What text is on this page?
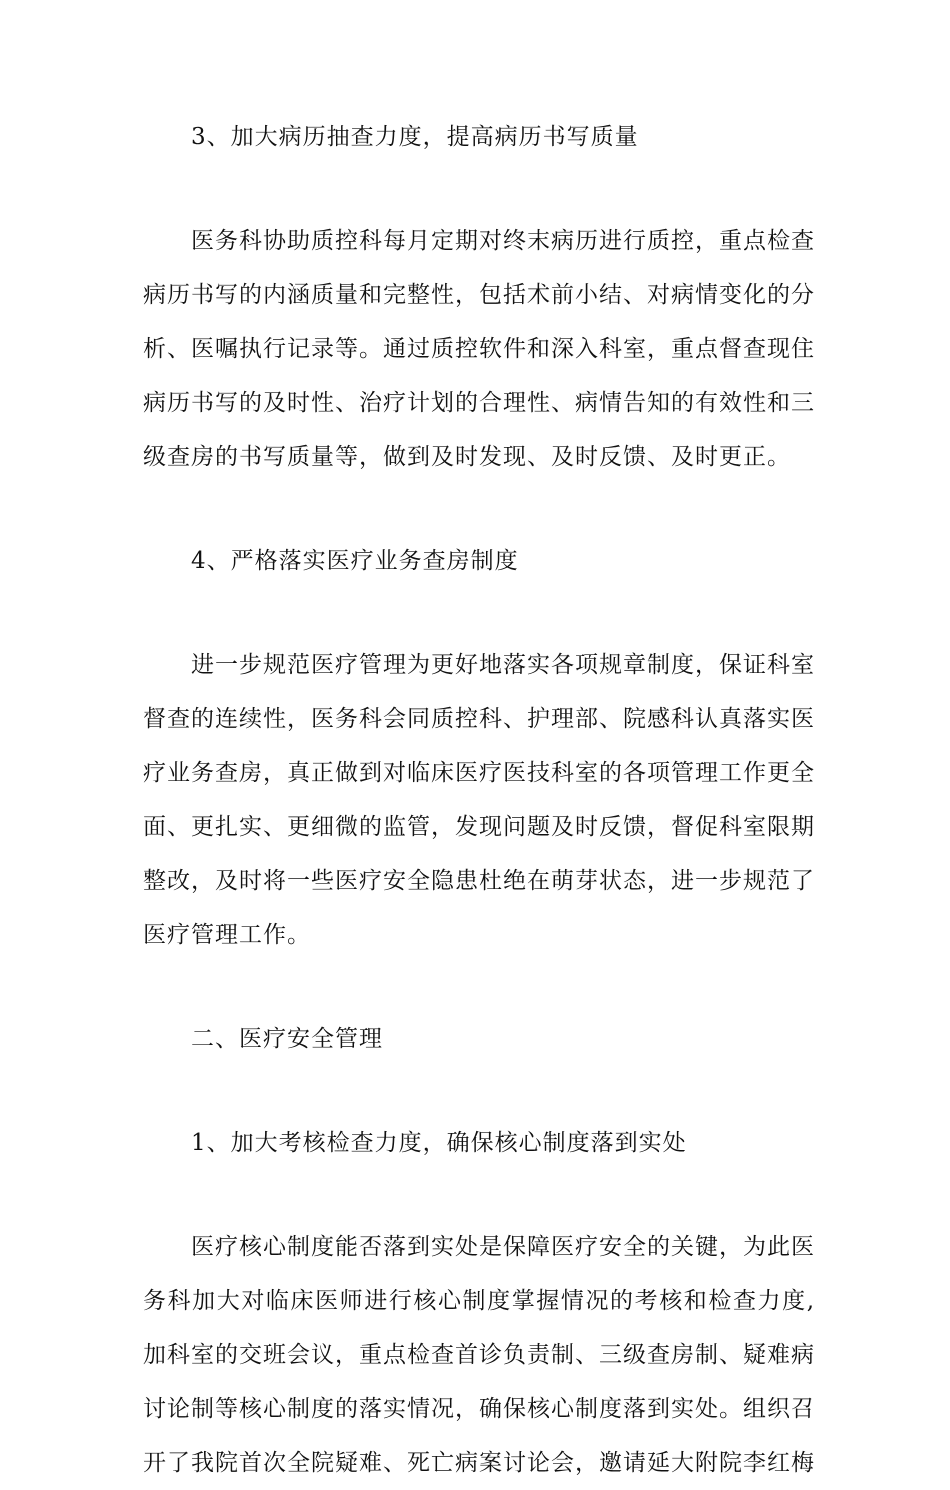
3、加大病历抽查力度，提高病历书写质量
医务科协助质控科每月定期对终末病历进行质控，重点检查
病历书写的内涵质量和完整性，包括术前小结、对病情变化的分
析、医嘱执行记录等。通过质控软件和深入科室，重点督查现住
病历书写的及时性、治疗计划的合理性、病情告知的有效性和三
级查房的书写质量等，做到及时发现、及时反馈、及时更正。
4、严格落实医疗业务查房制度
进一步规范医疗管理为更好地落实各项规章制度，保证科室
督查的连续性，医务科会同质控科、护理部、院感科认真落实医
疗业务查房，真正做到对临床医疗医技科室的各项管理工作更全
面、更扎实、更细微的监管，发现问题及时反馈，督促科室限期
整改，及时将一些医疗安全隐患杜绝在萌芽状态，进一步规范了
医疗管理工作。
二、医疗安全管理
1、加大考核检查力度，确保核心制度落到实处
医疗核心制度能否落到实处是保障医疗安全的关键，为此医
务科加大对临床医师进行核心制度掌握情况的考核和检查力度,
加科室的交班会议，重点检查首诊负责制、三级查房制、疑难病
讨论制等核心制度的落实情况，确保核心制度落到实处。组织召
开了我院首次全院疑难、死亡病案讨论会，邀请延大附院李红梅
